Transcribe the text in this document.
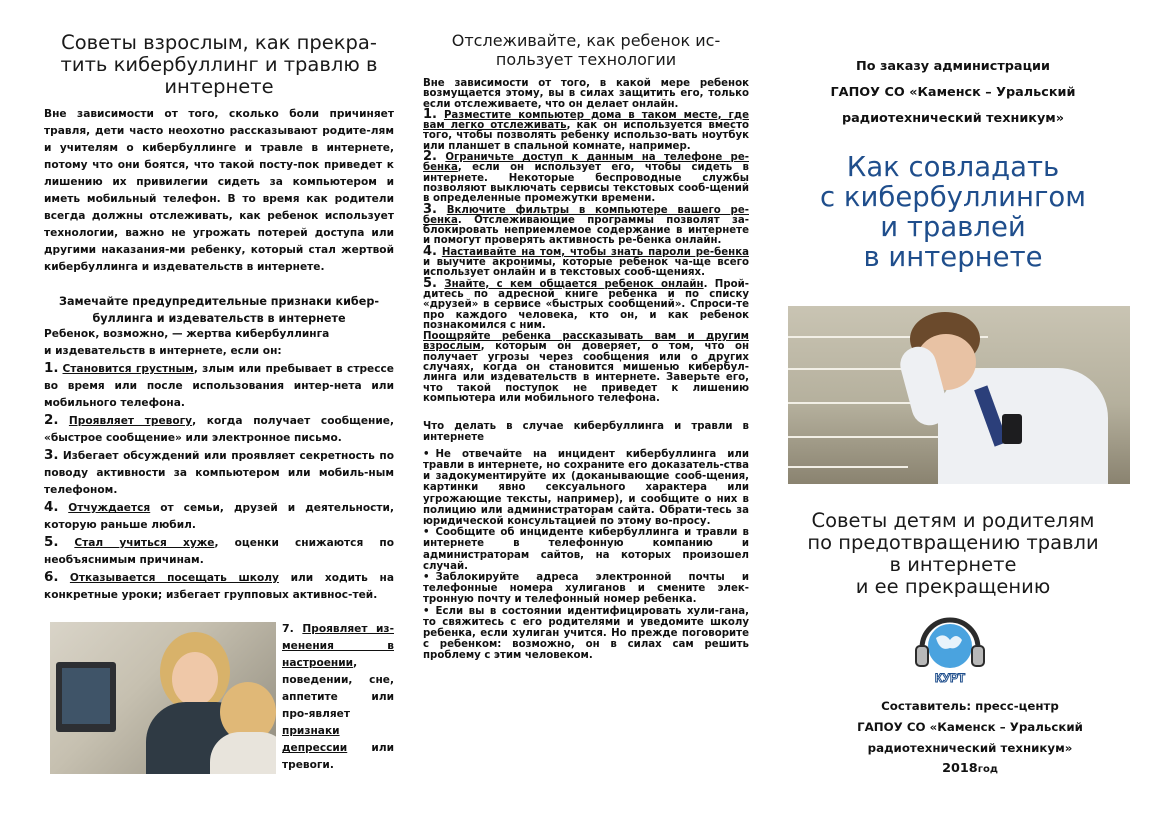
Советы взрослым, как прекра-
тить кибербуллинг и травлю в
интернете

Вне зависимости от того, сколько боли причиняет травля, дети часто неохотно рассказывают родите-лям и учителям о кибербуллинге и травле в интернете, потому что они боятся, что такой посту-пок приведет к лишению их привилегии сидеть за компьютером и иметь мобильный телефон. В то время как родители всегда должны отслеживать, как ребенок использует технологии, важно не угрожать потерей доступа или другими наказания-ми ребенку, который стал жертвой кибербуллинга и издевательств в интернете.

Замечайте предупредительные признаки кибер-
буллинга и издевательств в интернете

Ребенок, возможно, — жертва кибербуллинга
и издевательств в интернете, если он:

1. Становится грустным, злым или пребывает в стрессе во время или после использования интер-нета или мобильного телефона.

2. Проявляет тревогу, когда получает сообщение, «быстрое сообщение» или электронное письмо.

3. Избегает обсуждений или проявляет секретность по поводу активности за компьютером или мобиль-ным телефоном.

4. Отчуждается от семьи, друзей и деятельности, которую раньше любил.

5. Стал учиться хуже, оценки снижаются по необъяснимым причинам.

6. Отказывается посещать школу или ходить на конкретные уроки; избегает групповых активнос-тей.

7. Проявляет из-менения в настроении, поведении, сне, аппетите или про-являет признаки депрессии или тревоги.
Отслеживайте, как ребенок ис-
пользует технологии

Вне зависимости от того, в какой мере ребенок возмущается этому, вы в силах защитить его, только если отслеживаете, что он делает онлайн.

1. Разместите компьютер дома в таком месте, где вам легко отслеживать, как он используется вместо того, чтобы позволять ребенку использо-вать ноутбук или планшет в спальной комнате, например.

2. Ограничьте доступ к данным на телефоне ре-бенка, если он использует его, чтобы сидеть в интернете. Некоторые беспроводные службы позволяют выключать сервисы текстовых сооб-щений в определенные промежутки времени.

3. Включите фильтры в компьютере вашего ре-бенка. Отслеживающие программы позволят за-блокировать неприемлемое содержание в интернете и помогут проверять активность ре-бенка онлайн.

4. Настаивайте на том, чтобы знать пароли ре-бенка и выучите акронимы, которые ребенок ча-ще всего использует онлайн и в текстовых сооб-щениях.

5. Знайте, с кем общается ребенок онлайн. Прой-дитесь по адресной книге ребенка и по списку «друзей» в сервисе «быстрых сообщений». Спроси-те про каждого человека, кто он, и как ребенок познакомился с ним.

Поощряйте ребенка рассказывать вам и другим взрослым, которым он доверяет, о том, что он получает угрозы через сообщения или о других случаях, когда он становится мишенью кибербул-линга или издевательств в интернете. Заверьте его, что такой поступок не приведет к лишению компьютера или мобильного телефона.

Что делать в случае кибербуллинга и травли в интернете

• Не отвечайте на инцидент кибербуллинга или травли в интернете, но сохраните его доказатель-ства и задокументируйте их (доканывающие сооб-щения, картинки явно сексуального характера или угрожающие тексты, например), и сообщите о них в полицию или администраторам сайта. Обрати-тесь за юридической консультацией по этому во-просу.

• Сообщите об инциденте кибербуллинга и травли в интернете в телефонную компанию и администраторам сайтов, на которых произошел случай.

• Заблокируйте адреса электронной почты и телефонные номера хулиганов и смените элек-тронную почту и телефонный номер ребенка.

• Если вы в состоянии идентифицировать хули-гана, то свяжитесь с его родителями и уведомите школу ребенка, если хулиган учится. Но прежде поговорите с ребенком: возможно, он в силах сам решить проблему с этим человеком.

По заказу администрации
ГАПОУ СО «Каменск – Уральский
радиотехнический техникум»

Как совладать
с кибербуллингом
и травлей
в интернете

Советы детям и родителям
по предотвращению травли
в интернете
и ее прекращению

КУРТ

Составитель: пресс-центр
ГАПОУ СО «Каменск – Уральский
радиотехнический техникум»

2018год
